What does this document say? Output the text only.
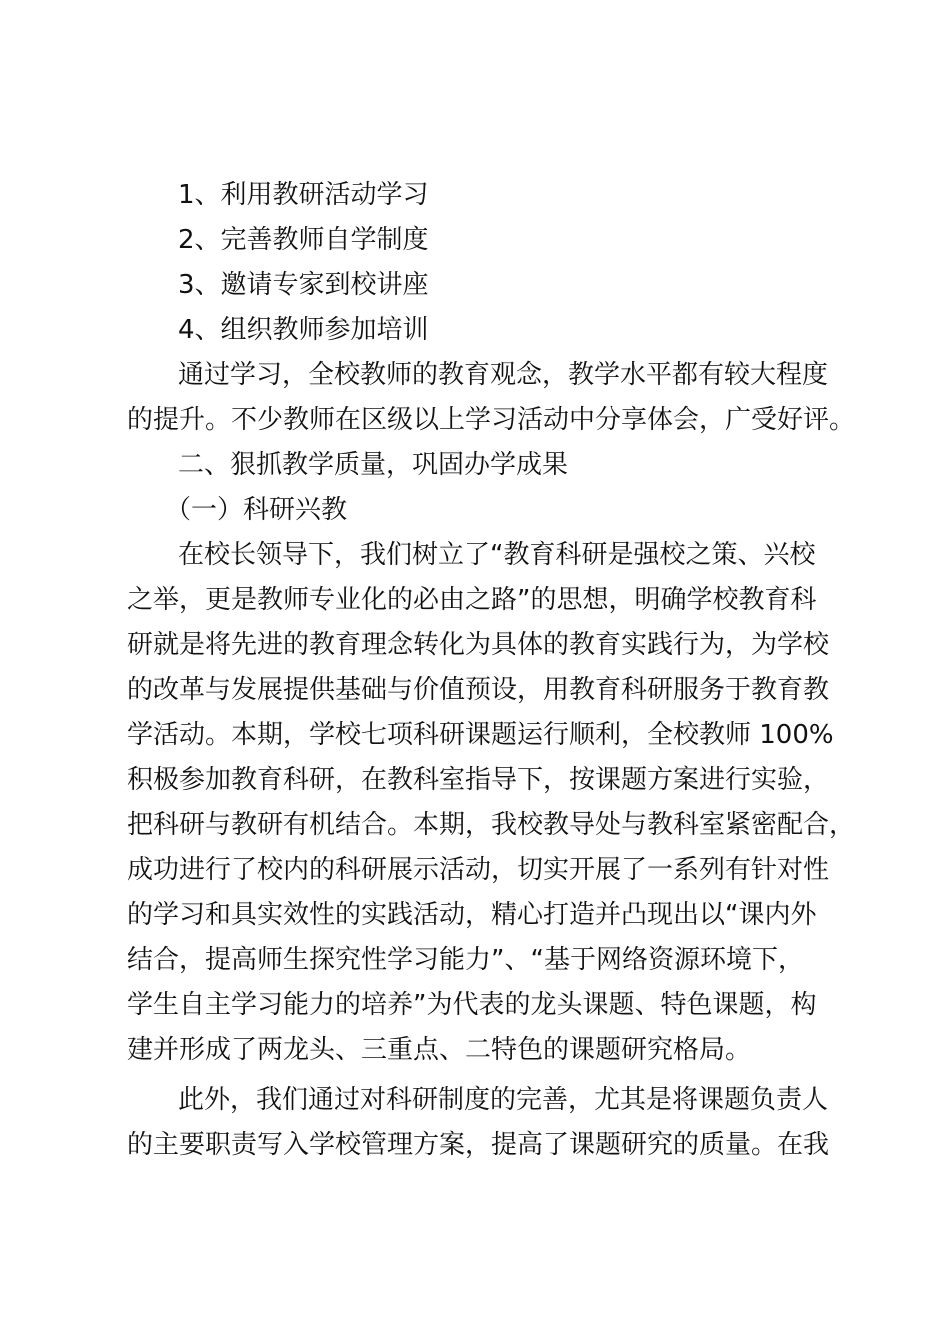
1、利用教研活动学习
2、完善教师自学制度
3、邀请专家到校讲座
4、组织教师参加培训
通过学习，全校教师的教育观念，教学水平都有较大程度
的提升。不少教师在区级以上学习活动中分享体会，广受好评。
二、狠抓教学质量，巩固办学成果
（一）科研兴教
在校长领导下，我们树立了“教育科研是强校之策、兴校
之举，更是教师专业化的必由之路”的思想，明确学校教育科
研就是将先进的教育理念转化为具体的教育实践行为，为学校
的改革与发展提供基础与价值预设，用教育科研服务于教育教
学活动。本期，学校七项科研课题运行顺利，全校教师 100%
积极参加教育科研，在教科室指导下，按课题方案进行实验，
把科研与教研有机结合。本期，我校教导处与教科室紧密配合，
成功进行了校内的科研展示活动，切实开展了一系列有针对性
的学习和具实效性的实践活动，精心打造并凸现出以“课内外
结合，提高师生探究性学习能力”、“基于网络资源环境下，
学生自主学习能力的培养”为代表的龙头课题、特色课题，构
建并形成了两龙头、三重点、二特色的课题研究格局。
此外，我们通过对科研制度的完善，尤其是将课题负责人
的主要职责写入学校管理方案，提高了课题研究的质量。在我
